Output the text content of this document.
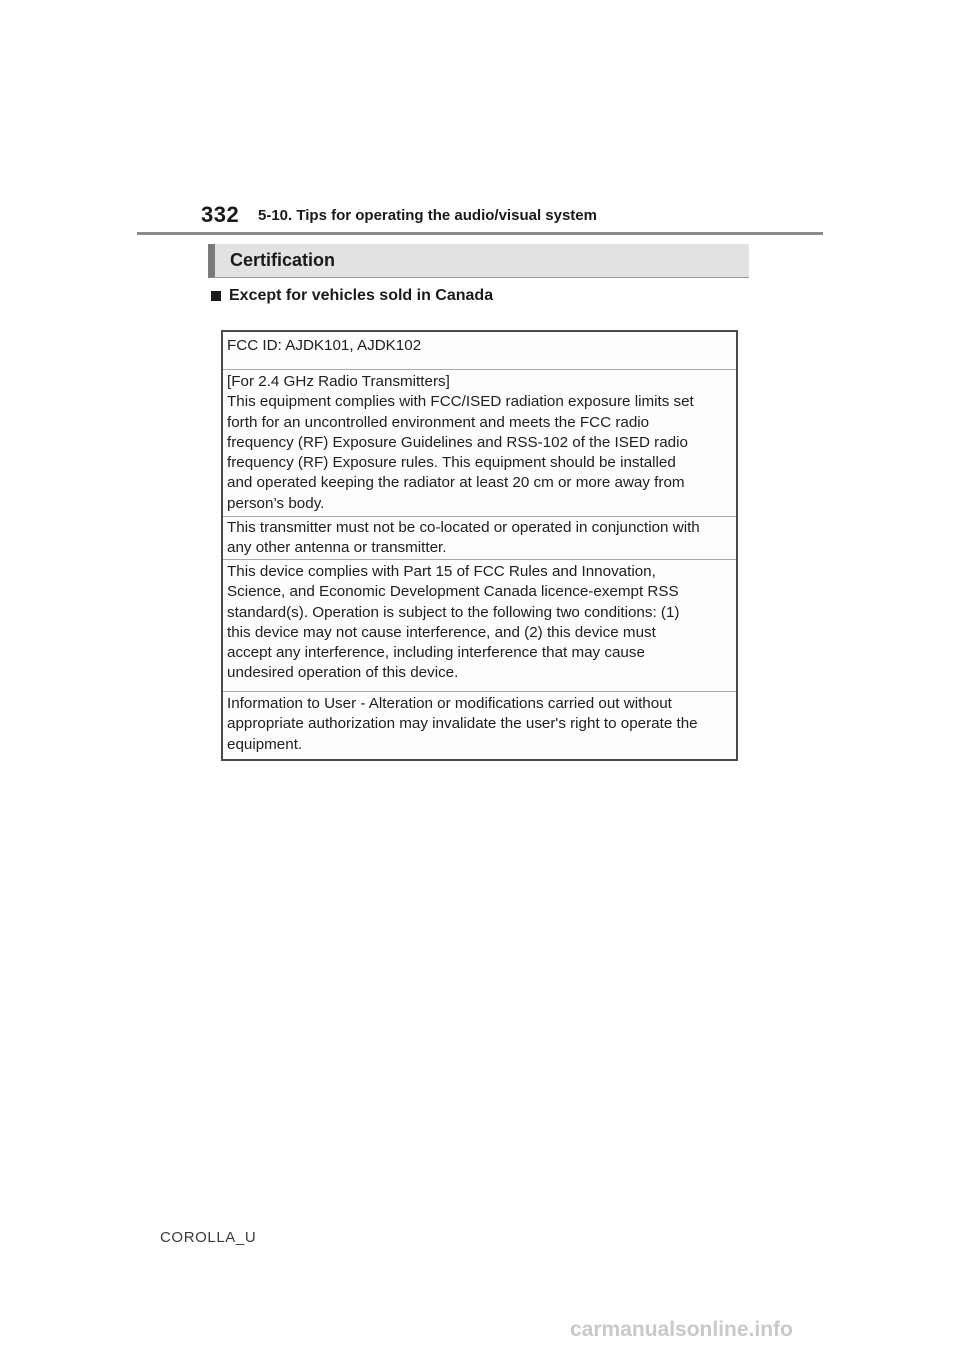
332 5-10. Tips for operating the audio/visual system
Certification
Except for vehicles sold in Canada
FCC ID: AJDK101, AJDK102
[For 2.4 GHz Radio Transmitters]
This equipment complies with FCC/ISED radiation exposure limits set
forth for an uncontrolled environment and meets the FCC radio
frequency (RF) Exposure Guidelines and RSS-102 of the ISED radio
frequency (RF) Exposure rules. This equipment should be installed
and operated keeping the radiator at least 20 cm or more away from
person’s body.
This transmitter must not be co-located or operated in conjunction with
any other antenna or transmitter.
This device complies with Part 15 of FCC Rules and Innovation,
Science, and Economic Development Canada licence-exempt RSS
standard(s). Operation is subject to the following two conditions: (1)
this device may not cause interference, and (2) this device must
accept any interference, including interference that may cause
undesired operation of this device.
Information to User - Alteration or modifications carried out without
appropriate authorization may invalidate the user's right to operate the
equipment.
COROLLA_U
carmanualsonline.info
